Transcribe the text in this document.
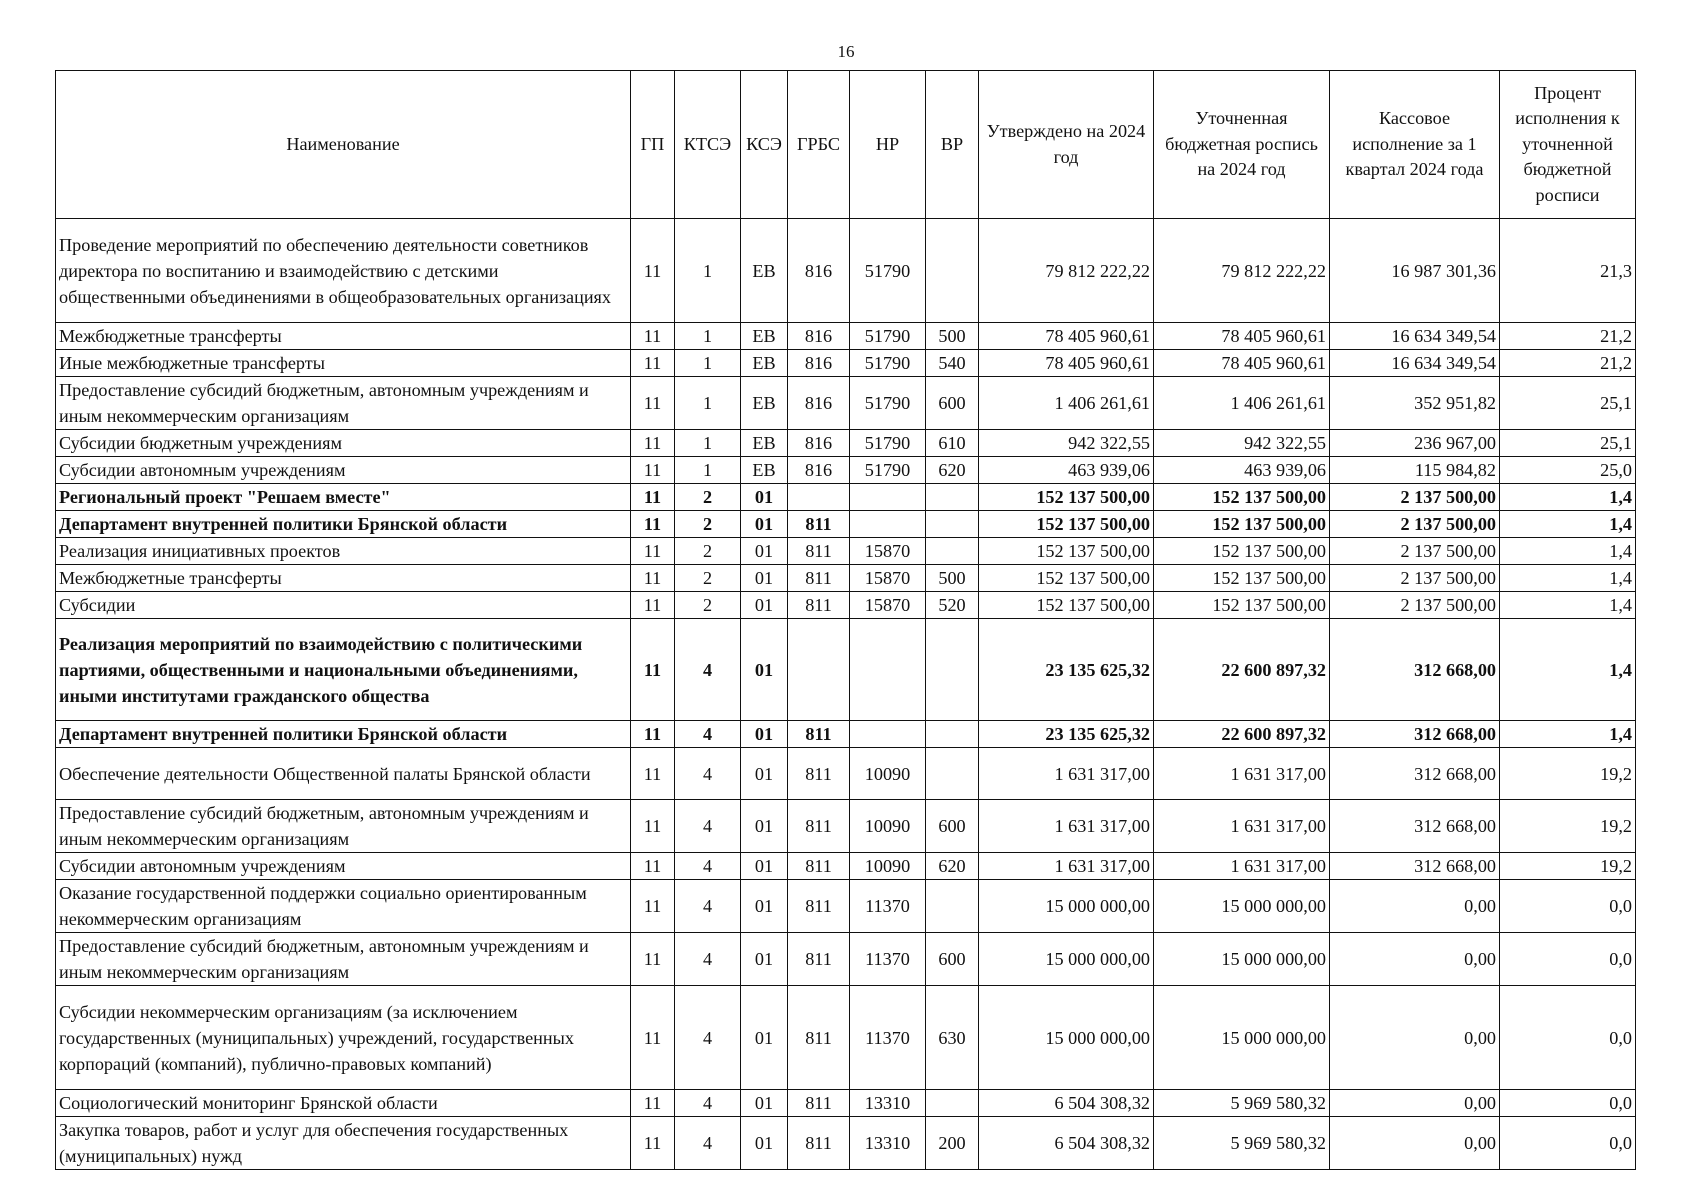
16
Наименование	ГП	КТСЭ	КСЭ	ГРБС	НР	ВР	Утверждено на 2024 год	Уточненная бюджетная роспись на 2024 год	Кассовое исполнение за 1 квартал 2024 года	Процент исполнения к уточненной бюджетной росписи
Проведение мероприятий по обеспечению деятельности советников директора по воспитанию и взаимодействию с детскими общественными объединениями в общеобразовательных организациях	11	1	ЕВ	816	51790		79 812 222,22	79 812 222,22	16 987 301,36	21,3
Межбюджетные трансферты	11	1	ЕВ	816	51790	500	78 405 960,61	78 405 960,61	16 634 349,54	21,2
Иные межбюджетные трансферты	11	1	ЕВ	816	51790	540	78 405 960,61	78 405 960,61	16 634 349,54	21,2
Предоставление субсидий бюджетным, автономным учреждениям и иным некоммерческим организациям	11	1	ЕВ	816	51790	600	1 406 261,61	1 406 261,61	352 951,82	25,1
Субсидии бюджетным учреждениям	11	1	ЕВ	816	51790	610	942 322,55	942 322,55	236 967,00	25,1
Субсидии автономным учреждениям	11	1	ЕВ	816	51790	620	463 939,06	463 939,06	115 984,82	25,0
Региональный проект "Решаем вместе"	11	2	01				152 137 500,00	152 137 500,00	2 137 500,00	1,4
Департамент внутренней политики Брянской области	11	2	01	811			152 137 500,00	152 137 500,00	2 137 500,00	1,4
Реализация инициативных проектов	11	2	01	811	15870		152 137 500,00	152 137 500,00	2 137 500,00	1,4
Межбюджетные трансферты	11	2	01	811	15870	500	152 137 500,00	152 137 500,00	2 137 500,00	1,4
Субсидии	11	2	01	811	15870	520	152 137 500,00	152 137 500,00	2 137 500,00	1,4
Реализация мероприятий по взаимодействию с политическими партиями, общественными и национальными объединениями, иными институтами гражданского общества	11	4	01				23 135 625,32	22 600 897,32	312 668,00	1,4
Департамент внутренней политики Брянской области	11	4	01	811			23 135 625,32	22 600 897,32	312 668,00	1,4
Обеспечение деятельности Общественной палаты Брянской области	11	4	01	811	10090		1 631 317,00	1 631 317,00	312 668,00	19,2
Предоставление субсидий бюджетным, автономным учреждениям и иным некоммерческим организациям	11	4	01	811	10090	600	1 631 317,00	1 631 317,00	312 668,00	19,2
Субсидии автономным учреждениям	11	4	01	811	10090	620	1 631 317,00	1 631 317,00	312 668,00	19,2
Оказание государственной поддержки социально ориентированным некоммерческим организациям	11	4	01	811	11370		15 000 000,00	15 000 000,00	0,00	0,0
Предоставление субсидий бюджетным, автономным учреждениям и иным некоммерческим организациям	11	4	01	811	11370	600	15 000 000,00	15 000 000,00	0,00	0,0
Субсидии некоммерческим организациям (за исключением государственных (муниципальных) учреждений, государственных корпораций (компаний), публично-правовых компаний)	11	4	01	811	11370	630	15 000 000,00	15 000 000,00	0,00	0,0
Социологический мониторинг Брянской области	11	4	01	811	13310		6 504 308,32	5 969 580,32	0,00	0,0
Закупка товаров, работ и услуг для обеспечения государственных (муниципальных) нужд	11	4	01	811	13310	200	6 504 308,32	5 969 580,32	0,00	0,0
